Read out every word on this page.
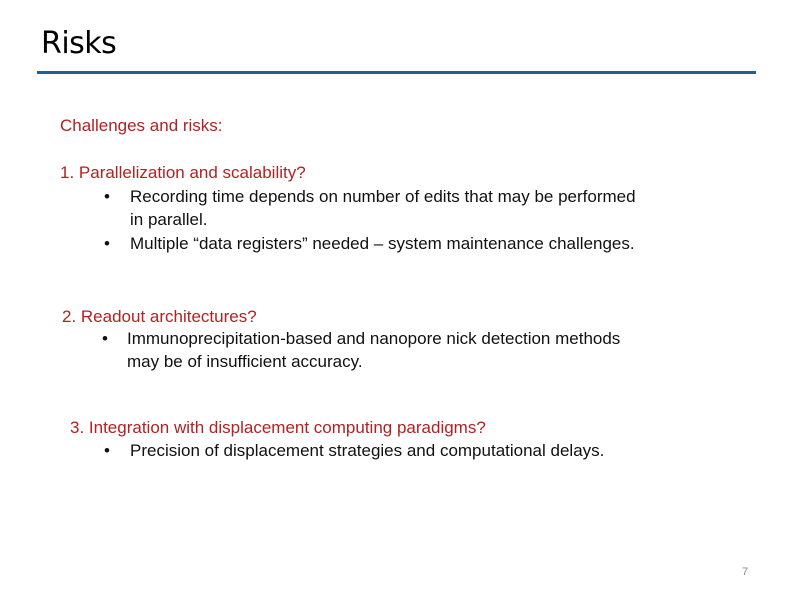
Risks
Challenges and risks:
1. Parallelization and scalability?
• Recording time depends on number of edits that may be performed
in parallel.
• Multiple “data registers” needed – system maintenance challenges.
2. Readout architectures?
• Immunoprecipitation-based and nanopore nick detection methods
may be of insufficient accuracy.
3. Integration with displacement computing paradigms?
• Precision of displacement strategies and computational delays.
7
